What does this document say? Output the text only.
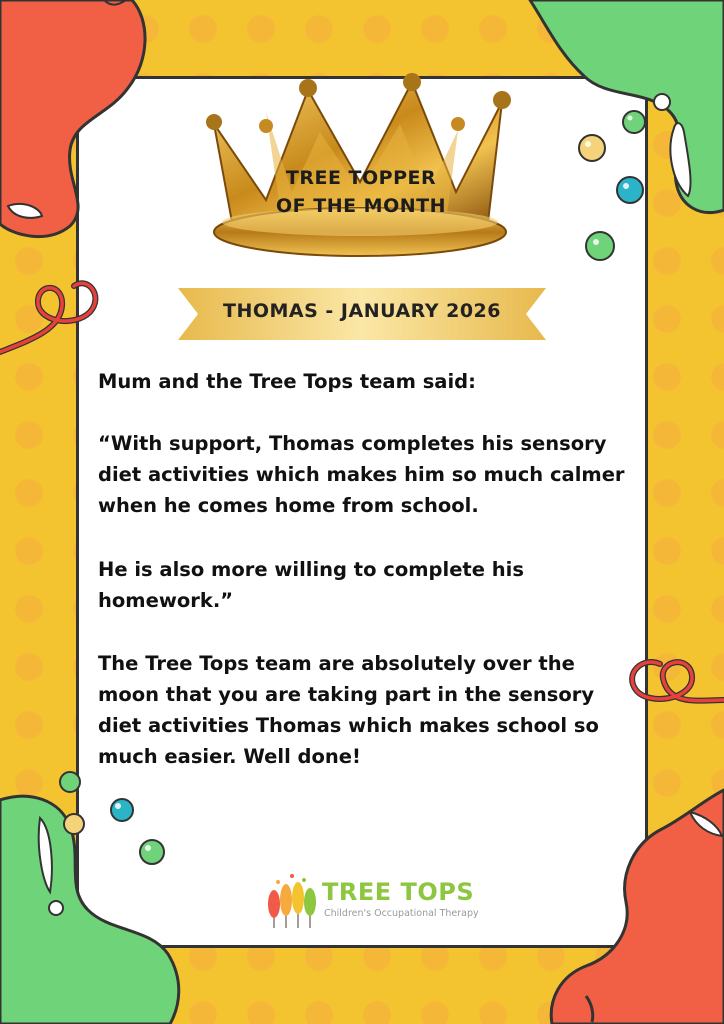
TREE TOPPER
OF THE MONTH
THOMAS - JANUARY 2026

Mum and the Tree Tops team said:

“With support, Thomas completes his sensory diet activities which makes him so much calmer when he comes home from school.

He is also more willing to complete his homework.”

The Tree Tops team are absolutely over the moon that you are taking part in the sensory diet activities Thomas which makes school so much easier. Well done!

TREE TOPS
Children's Occupational Therapy
